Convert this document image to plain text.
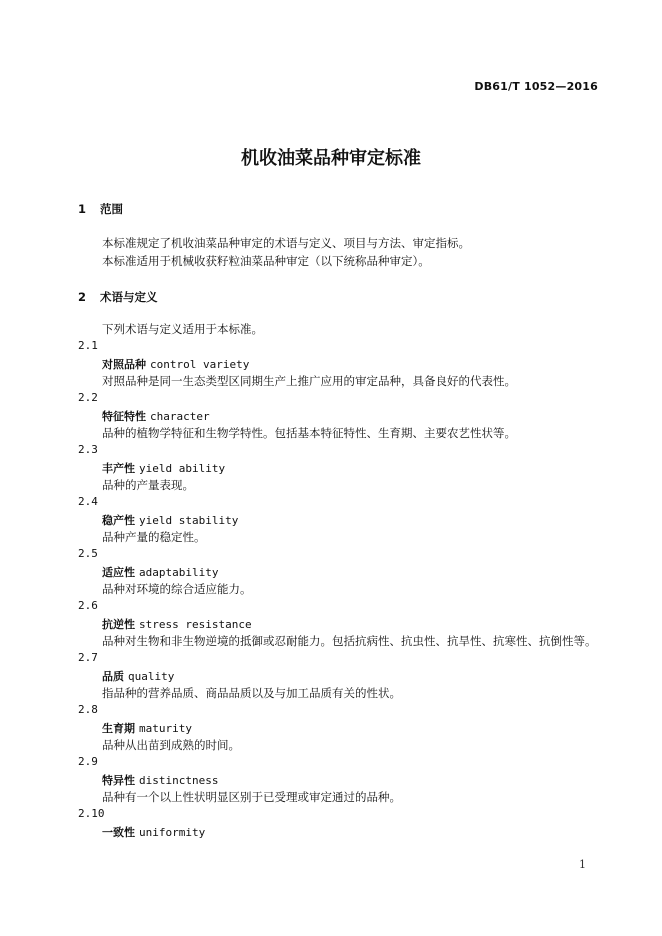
DB61/T 1052—2016
机收油菜品种审定标准
1 范围
本标准规定了机收油菜品种审定的术语与定义、项目与方法、审定指标。
本标准适用于机械收获籽粒油菜品种审定（以下统称品种审定）。
2 术语与定义
下列术语与定义适用于本标准。
2.1
对照品种 control variety
对照品种是同一生态类型区同期生产上推广应用的审定品种，具备良好的代表性。
2.2
特征特性 character
品种的植物学特征和生物学特性。包括基本特征特性、生育期、主要农艺性状等。
2.3
丰产性 yield ability
品种的产量表现。
2.4
稳产性 yield stability
品种产量的稳定性。
2.5
适应性 adaptability
品种对环境的综合适应能力。
2.6
抗逆性 stress resistance
品种对生物和非生物逆境的抵御或忍耐能力。包括抗病性、抗虫性、抗旱性、抗寒性、抗倒性等。
2.7
品质 quality
指品种的营养品质、商品品质以及与加工品质有关的性状。
2.8
生育期 maturity
品种从出苗到成熟的时间。
2.9
特异性 distinctness
品种有一个以上性状明显区别于已受理或审定通过的品种。
2.10
一致性 uniformity
1
